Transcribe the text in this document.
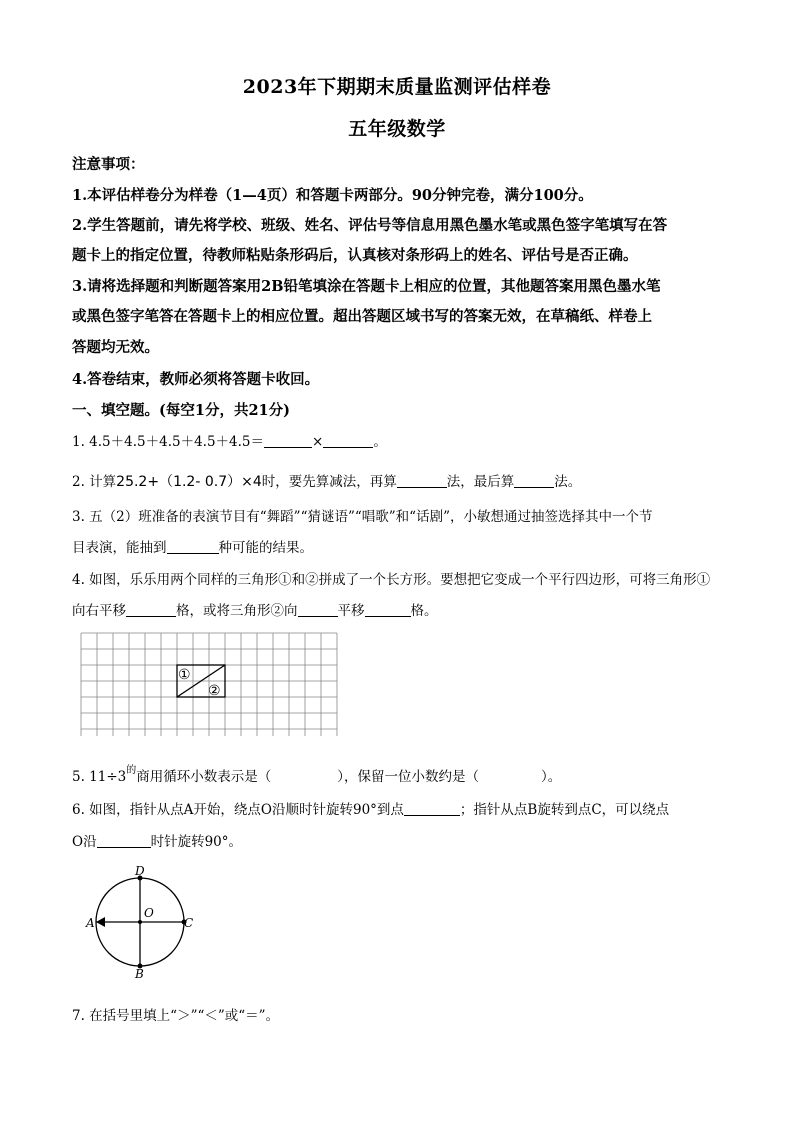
2023年下期期末质量监测评估样卷
五年级数学
注意事项：
1.本评估样卷分为样卷（1—4页）和答题卡两部分。90分钟完卷，满分100分。
2.学生答题前，请先将学校、班级、姓名、评估号等信息用黑色墨水笔或黑色签字笔填写在答
题卡上的指定位置，待教师粘贴条形码后，认真核对条形码上的姓名、评估号是否正确。
3.请将选择题和判断题答案用2B铅笔填涂在答题卡上相应的位置，其他题答案用黑色墨水笔
或黑色签字笔答在答题卡上的相应位置。超出答题区域书写的答案无效，在草稿纸、样卷上
答题均无效。
4.答卷结束，教师必须将答题卡收回。
一、填空题。(每空1分，共21分)
1. 4.5＋4.5＋4.5＋4.5＋4.5＝	×	。
2. 计算25.2+（1.2- 0.7）×4时，要先算减法，再算	法，最后算	法。
3. 五（2）班准备的表演节目有“舞蹈”“猜谜语”“唱歌”和“话剧”，小敏想通过抽签选择其中一个节
目表演，能抽到	种可能的结果。
4. 如图，乐乐用两个同样的三角形①和②拼成了一个长方形。要想把它变成一个平行四边形，可将三角形①
向右平移	格，或将三角形②向	平移	格。
①
②
5. $11\div 3^的$商用循环小数表示是（	），保留一位小数约是（	）。
6. 如图，指针从点A开始，绕点O沿顺时针旋转90°到点	；指针从点B旋转到点C，可以绕点
O沿	时针旋转90°。
D
C
B
A
O
7. 在括号里填上“＞”“＜”或“＝”。
